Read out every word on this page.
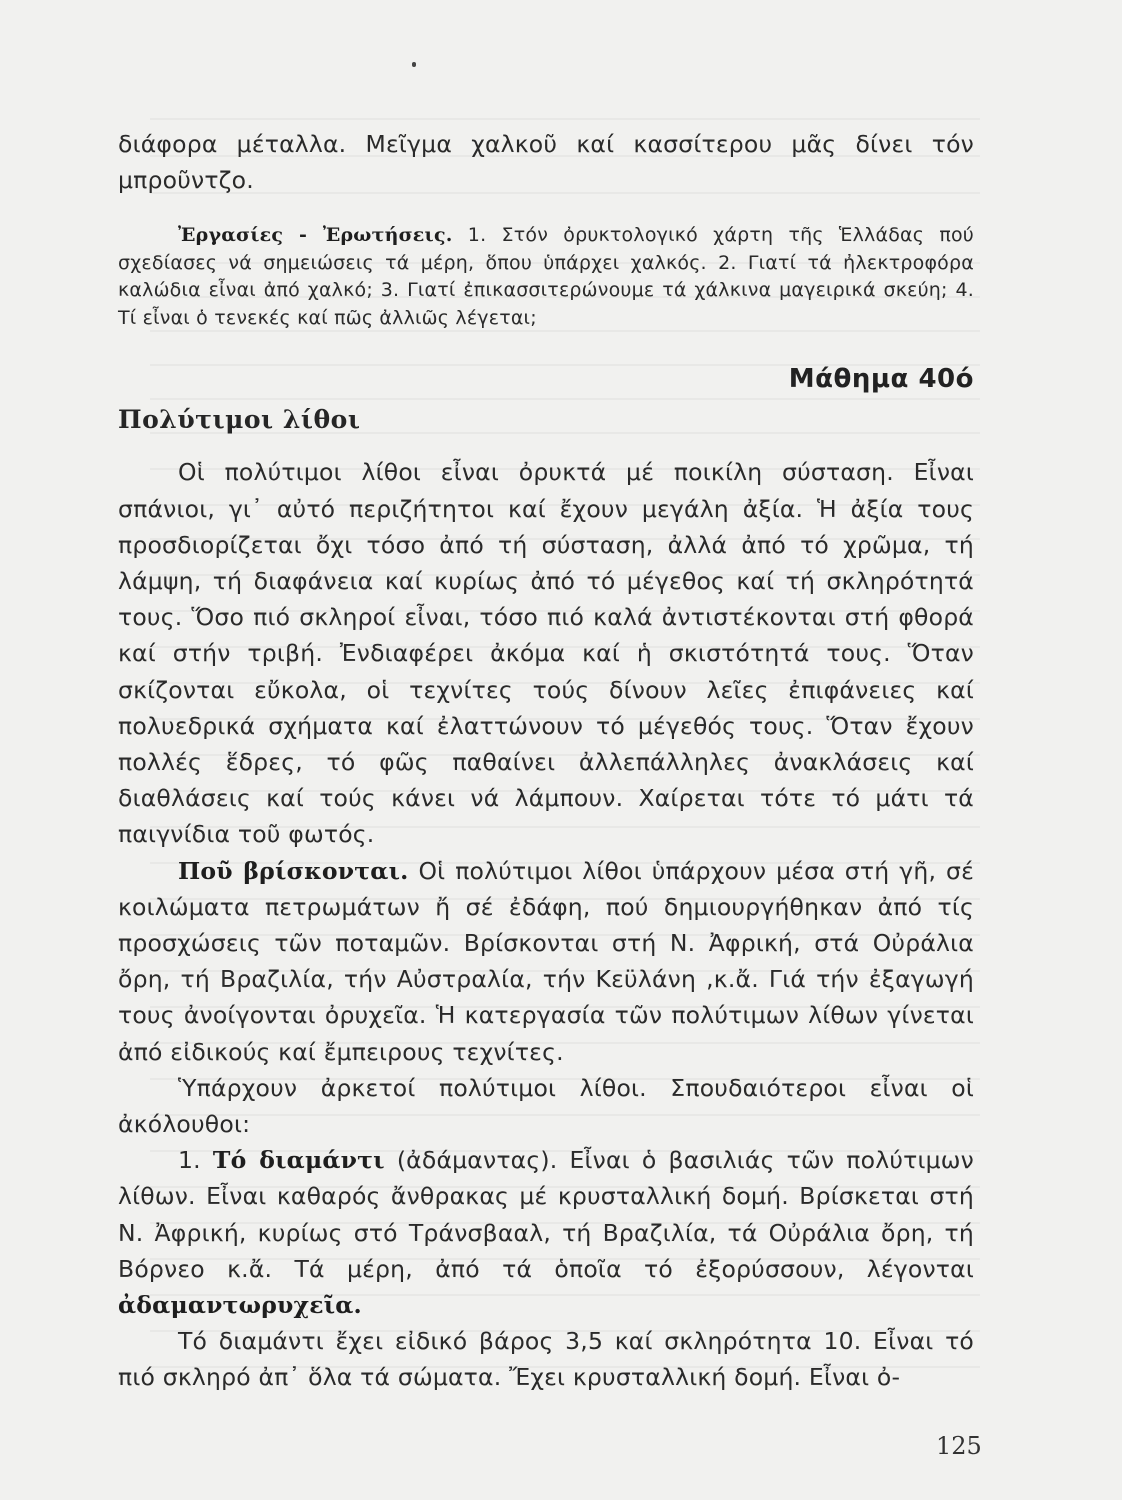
διάφορα μέταλλα. Μεῖγμα χαλκοῦ καί κασσίτερου μᾶς δίνει τόν μπροῦντζο.

Ἐργασίες - Ἐρωτήσεις. 1. Στόν ὀρυκτολογικό χάρτη τῆς Ἑλλάδας πού σχεδίασες νά σημειώσεις τά μέρη, ὅπου ὑπάρχει χαλκός. 2. Γιατί τά ἠλεκτροφόρα καλώδια εἶναι ἀπό χαλκό; 3. Γιατί ἐπικασσιτερώνουμε τά χάλκινα μαγειρικά σκεύη; 4. Τί εἶναι ὁ τενεκές καί πῶς ἀλλιῶς λέγεται;

Μάθημα 40ό
Πολύτιμοι λίθοι

Οἱ πολύτιμοι λίθοι εἶναι ὀρυκτά μέ ποικίλη σύσταση. Εἶναι σπάνιοι, γι᾽ αὐτό περιζήτητοι καί ἔχουν μεγάλη ἀξία. Ἡ ἀξία τους προσδιορίζεται ὄχι τόσο ἀπό τή σύσταση, ἀλλά ἀπό τό χρῶμα, τή λάμψη, τή διαφάνεια καί κυρίως ἀπό τό μέγεθος καί τή σκληρότητά τους. Ὅσο πιό σκληροί εἶναι, τόσο πιό καλά ἀντιστέκονται στή φθορά καί στήν τριβή. Ἐνδιαφέρει ἀκόμα καί ἡ σκιστότητά τους. Ὅταν σκίζονται εὔκολα, οἱ τεχνίτες τούς δίνουν λεῖες ἐπιφάνειες καί πολυεδρικά σχήματα καί ἐλαττώνουν τό μέγεθός τους. Ὅταν ἔχουν πολλές ἕδρες, τό φῶς παθαίνει ἀλλεπάλληλες ἀνακλάσεις καί διαθλάσεις καί τούς κάνει νά λάμπουν. Χαίρεται τότε τό μάτι τά παιγνίδια τοῦ φωτός.

Ποῦ βρίσκονται. Οἱ πολύτιμοι λίθοι ὑπάρχουν μέσα στή γῆ, σέ κοιλώματα πετρωμάτων ἤ σέ ἐδάφη, πού δημιουργήθηκαν ἀπό τίς προσχώσεις τῶν ποταμῶν. Βρίσκονται στή Ν. Ἀφρική, στά Οὐράλια ὄρη, τή Βραζιλία, τήν Αὐστραλία, τήν Κεϋλάνη ,κ.ἄ. Γιά τήν ἐξαγωγή τους ἀνοίγονται ὀρυχεῖα. Ἡ κατεργασία τῶν πολύτιμων λίθων γίνεται ἀπό εἰδικούς καί ἔμπειρους τεχνίτες.

Ὑπάρχουν ἀρκετοί πολύτιμοι λίθοι. Σπουδαιότεροι εἶναι οἱ ἀκόλουθοι:

1. Τό διαμάντι (ἀδάμαντας). Εἶναι ὁ βασιλιάς τῶν πολύτιμων λίθων. Εἶναι καθαρός ἄνθρακας μέ κρυσταλλική δομή. Βρίσκεται στή Ν. Ἀφρική, κυρίως στό Τράνσβααλ, τή Βραζιλία, τά Οὐράλια ὄρη, τή Βόρνεο κ.ἄ. Τά μέρη, ἀπό τά ὁποῖα τό ἐξορύσσουν, λέγονται ἀδαμαντωρυχεῖα.

Τό διαμάντι ἔχει εἰδικό βάρος 3,5 καί σκληρότητα 10. Εἶναι τό πιό σκληρό ἀπ᾽ ὅλα τά σώματα. Ἔχει κρυσταλλική δομή. Εἶναι ὀ-

125
